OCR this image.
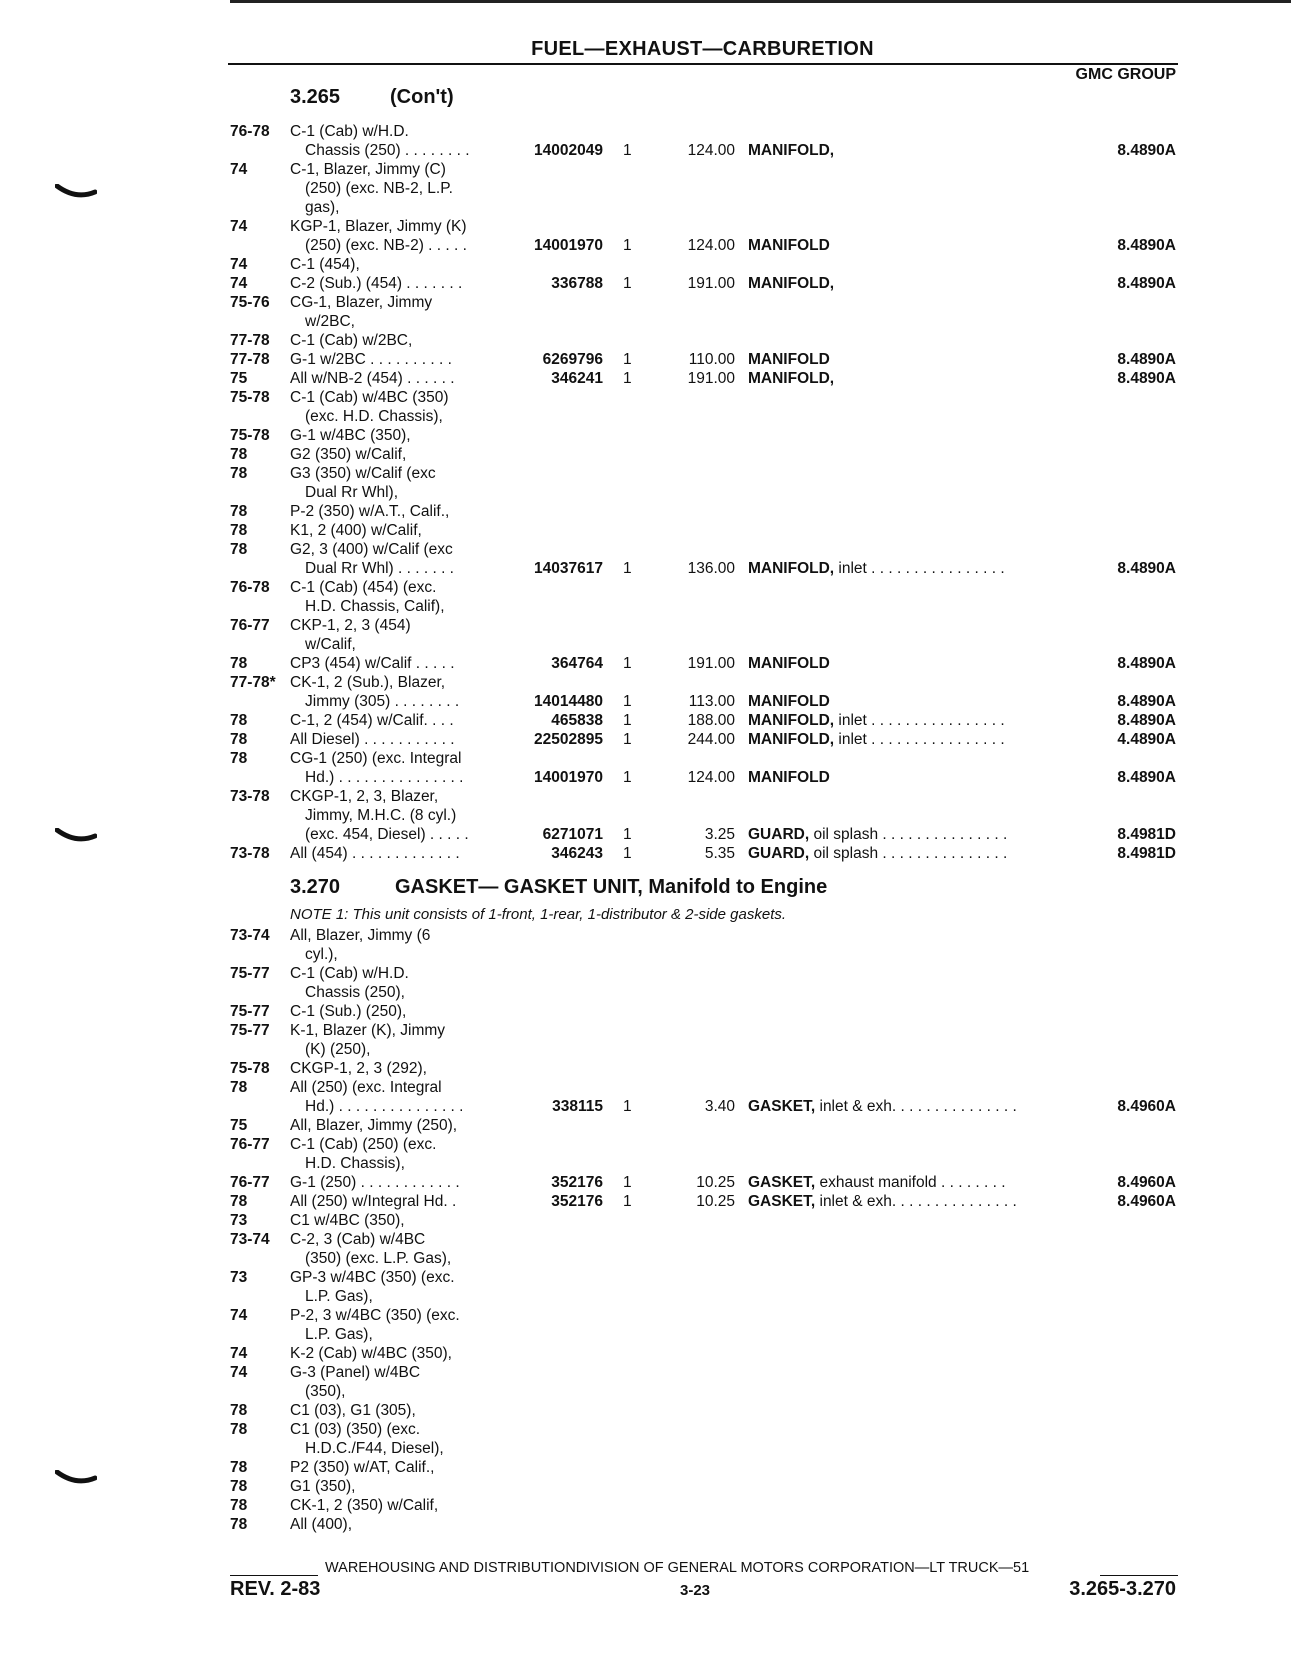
FUEL—EXHAUST—CARBURETION
GMC GROUP
3.265 (Con't)
3.270	GASKET— GASKET UNIT, Manifold to Engine
NOTE 1: This unit consists of 1-front, 1-rear, 1-distributor & 2-side gaskets.
76-78 C-1 (Cab) w/H.D.
Chassis (250) . . . . . . . .	14002049 1	124.00 MANIFOLD,	8.4890A
74	C-1, Blazer, Jimmy (C)
(250) (exc. NB-2, L.P.
gas),
74	KGP-1, Blazer, Jimmy (K)
(250) (exc. NB-2) . . . . .	14001970 1	124.00 MANIFOLD	8.4890A
74	C-1 (454),
74	C-2 (Sub.) (454) . . . . . . .	336788 1	191.00 MANIFOLD,	8.4890A
75-76 CG-1, Blazer, Jimmy
w/2BC,
77-78 C-1 (Cab) w/2BC,
77-78 G-1 w/2BC . . . . . . . . . .	6269796 1	110.00 MANIFOLD	8.4890A
75	All w/NB-2 (454) . . . . . .	346241 1	191.00 MANIFOLD,	8.4890A
75-78 C-1 (Cab) w/4BC (350)
(exc. H.D. Chassis),
75-78 G-1 w/4BC (350),
78	G2 (350) w/Calif,
78	G3 (350) w/Calif (exc
Dual Rr Whl),
78	P-2 (350) w/A.T., Calif.,
78	K1, 2 (400) w/Calif,
78	G2, 3 (400) w/Calif (exc
Dual Rr Whl) . . . . . . .	14037617 1	136.00 MANIFOLD, inlet . . . . . . . . . . . . . . . .	8.4890A
76-78 C-1 (Cab) (454) (exc.
H.D. Chassis, Calif),
76-77 CKP-1, 2, 3 (454)
w/Calif,
78	CP3 (454) w/Calif . . . . .	364764 1	191.00 MANIFOLD	8.4890A
77-78* CK-1, 2 (Sub.), Blazer,
Jimmy (305) . . . . . . . .	14014480 1	113.00 MANIFOLD	8.4890A
78	C-1, 2 (454) w/Calif. . . .	465838 1	188.00 MANIFOLD, inlet . . . . . . . . . . . . . . . .	8.4890A
78	All Diesel) . . . . . . . . . . .	22502895 1	244.00 MANIFOLD, inlet . . . . . . . . . . . . . . . .	4.4890A
78	CG-1 (250) (exc. Integral
Hd.) . . . . . . . . . . . . . . .	14001970 1	124.00 MANIFOLD	8.4890A
73-78 CKGP-1, 2, 3, Blazer,
Jimmy, M.H.C. (8 cyl.)
(exc. 454, Diesel) . . . . .	6271071 1	3.25 GUARD, oil splash . . . . . . . . . . . . . . .	8.4981D
73-78 All (454) . . . . . . . . . . . . .	346243 1	5.35 GUARD, oil splash . . . . . . . . . . . . . . .	8.4981D
73-74 All, Blazer, Jimmy (6
cyl.),
75-77 C-1 (Cab) w/H.D.
Chassis (250),
75-77 C-1 (Sub.) (250),
75-77 K-1, Blazer (K), Jimmy
(K) (250),
75-78 CKGP-1, 2, 3 (292),
78	All (250) (exc. Integral
Hd.) . . . . . . . . . . . . . . .	338115 1	3.40 GASKET, inlet & exh. . . . . . . . . . . . . . .	8.4960A
75	All, Blazer, Jimmy (250),
76-77 C-1 (Cab) (250) (exc.
H.D. Chassis),
76-77 G-1 (250) . . . . . . . . . . . .	352176 1	10.25 GASKET, exhaust manifold . . . . . . . .	8.4960A
78	All (250) w/Integral Hd. .	352176 1	10.25 GASKET, inlet & exh. . . . . . . . . . . . . . .	8.4960A
73	C1 w/4BC (350),
73-74 C-2, 3 (Cab) w/4BC
(350) (exc. L.P. Gas),
73	GP-3 w/4BC (350) (exc.
L.P. Gas),
74	P-2, 3 w/4BC (350) (exc.
L.P. Gas),
74	K-2 (Cab) w/4BC (350),
74	G-3 (Panel) w/4BC
(350),
78	C1 (03), G1 (305),
78	C1 (03) (350) (exc.
H.D.C./F44, Diesel),
78	P2 (350) w/AT, Calif.,
78	G1 (350),
78	CK-1, 2 (350) w/Calif,
78	All (400),
WAREHOUSING AND DISTRIBUTIONDIVISION OF GENERAL MOTORS CORPORATION—LT TRUCK—51
REV. 2-83	3-23	3.265-3.270
